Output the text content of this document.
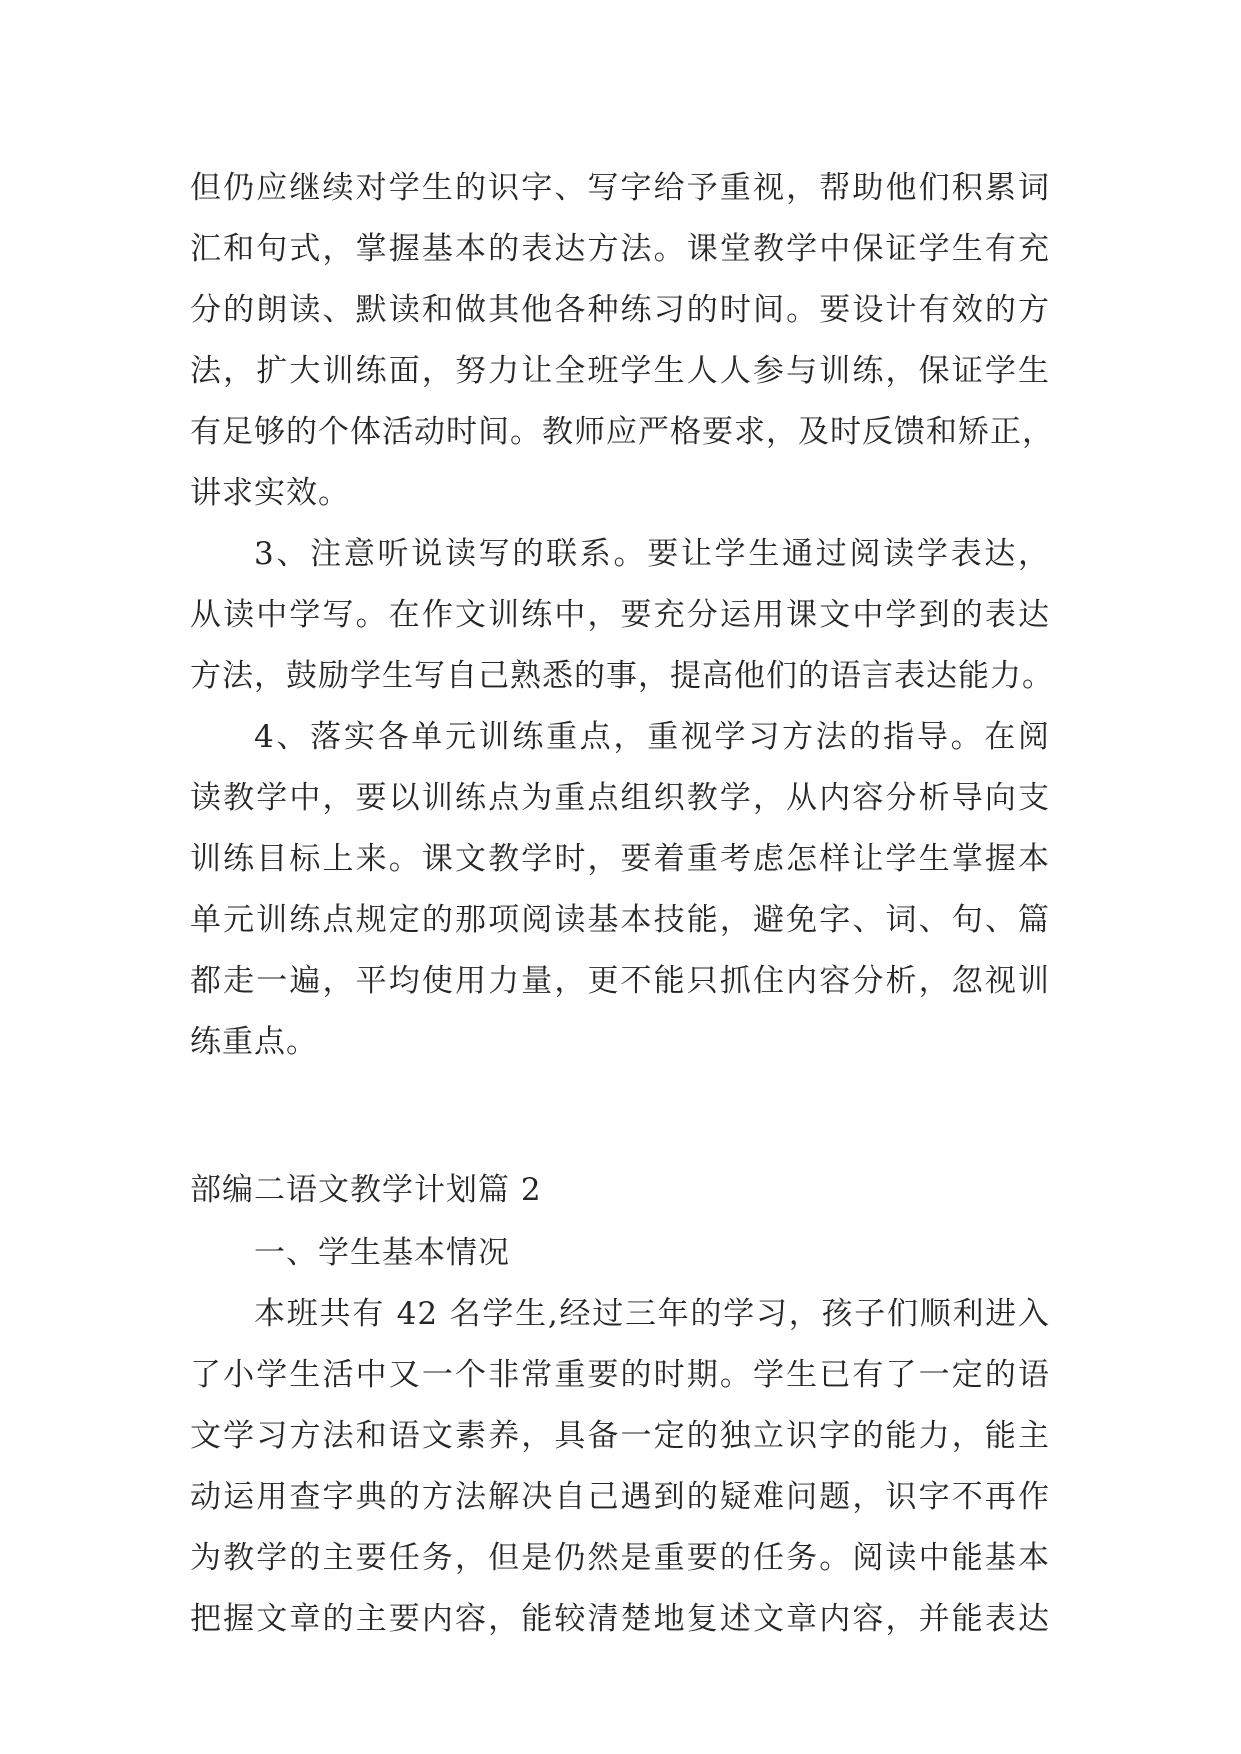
但仍应继续对学生的识字、写字给予重视，帮助他们积累词
汇和句式，掌握基本的表达方法。课堂教学中保证学生有充
分的朗读、默读和做其他各种练习的时间。要设计有效的方
法，扩大训练面，努力让全班学生人人参与训练，保证学生
有足够的个体活动时间。教师应严格要求，及时反馈和矫正，
讲求实效。
3、注意听说读写的联系。要让学生通过阅读学表达，
从读中学写。在作文训练中，要充分运用课文中学到的表达
方法，鼓励学生写自己熟悉的事，提高他们的语言表达能力。
4、落实各单元训练重点，重视学习方法的指导。在阅
读教学中，要以训练点为重点组织教学，从内容分析导向支
训练目标上来。课文教学时，要着重考虑怎样让学生掌握本
单元训练点规定的那项阅读基本技能，避免字、词、句、篇
都走一遍，平均使用力量，更不能只抓住内容分析，忽视训
练重点。
部编二语文教学计划篇 2
一、学生基本情况
本班共有 42 名学生,经过三年的学习，孩子们顺利进入
了小学生活中又一个非常重要的时期。学生已有了一定的语
文学习方法和语文素养，具备一定的独立识字的能力，能主
动运用查字典的方法解决自己遇到的疑难问题，识字不再作
为教学的主要任务，但是仍然是重要的任务。阅读中能基本
把握文章的主要内容，能较清楚地复述文章内容，并能表达
